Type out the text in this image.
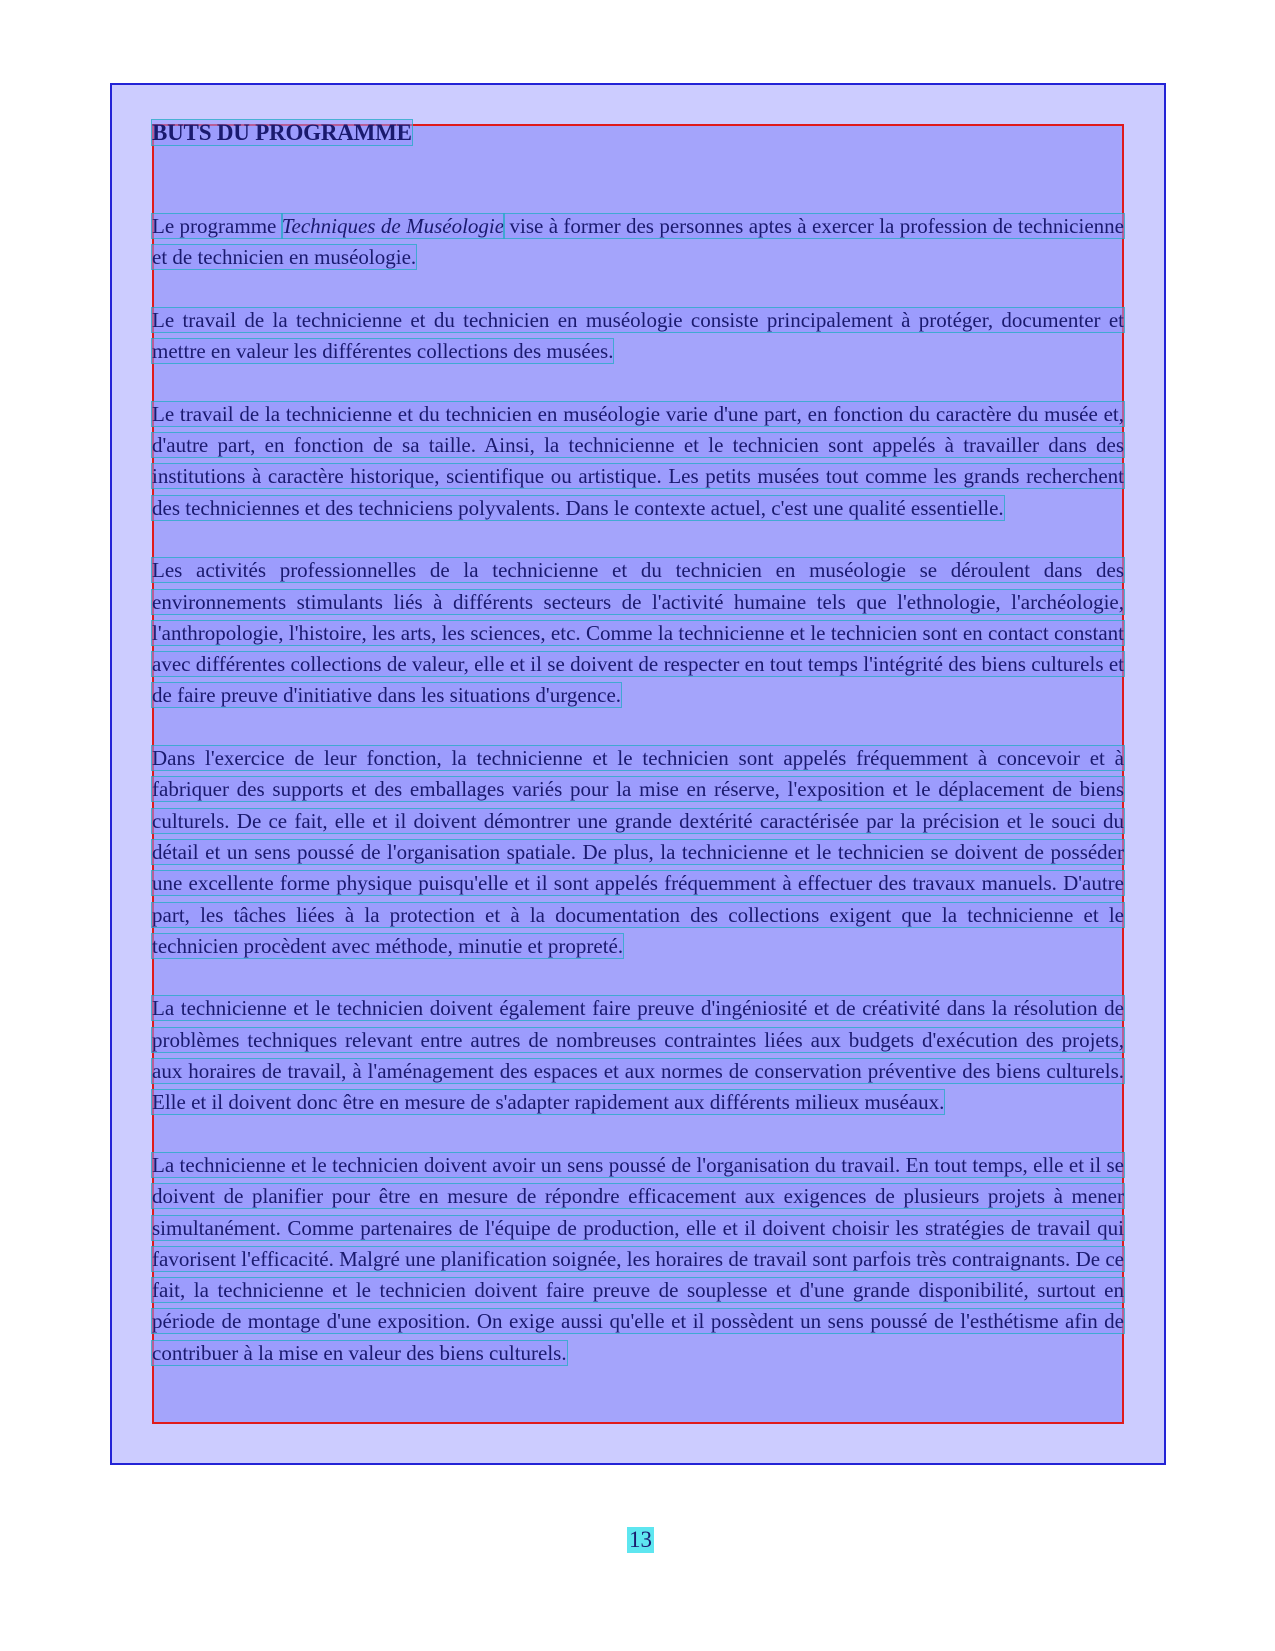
BUTS DU PROGRAMME

Le programme Techniques de Muséologie vise à former des personnes aptes à exercer la profession de technicienne et de technicien en muséologie.

Le travail de la technicienne et du technicien en muséologie consiste principalement à protéger, documenter et mettre en valeur les différentes collections des musées.

Le travail de la technicienne et du technicien en muséologie varie d'une part, en fonction du caractère du musée et, d'autre part, en fonction de sa taille. Ainsi, la technicienne et le technicien sont appelés à travailler dans des institutions à caractère historique, scientifique ou artistique. Les petits musées tout comme les grands recherchent des techniciennes et des techniciens polyvalents. Dans le contexte actuel, c'est une qualité essentielle.

Les activités professionnelles de la technicienne et du technicien en muséologie se déroulent dans des environnements stimulants liés à différents secteurs de l'activité humaine tels que l'ethnologie, l'archéologie, l'anthropologie, l'histoire, les arts, les sciences, etc. Comme la technicienne et le technicien sont en contact constant avec différentes collections de valeur, elle et il se doivent de respecter en tout temps l'intégrité des biens culturels et de faire preuve d'initiative dans les situations d'urgence.

Dans l'exercice de leur fonction, la technicienne et le technicien sont appelés fréquemment à concevoir et à fabriquer des supports et des emballages variés pour la mise en réserve, l'exposition et le déplacement de biens culturels. De ce fait, elle et il doivent démontrer une grande dextérité caractérisée par la précision et le souci du détail et un sens poussé de l'organisation spatiale. De plus, la technicienne et le technicien se doivent de posséder une excellente forme physique puisqu'elle et il sont appelés fréquemment à effectuer des travaux manuels. D'autre part, les tâches liées à la protection et à la documentation des collections exigent que la technicienne et le technicien procèdent avec méthode, minutie et propreté.

La technicienne et le technicien doivent également faire preuve d'ingéniosité et de créativité dans la résolution de problèmes techniques relevant entre autres de nombreuses contraintes liées aux budgets d'exécution des projets, aux horaires de travail, à l'aménagement des espaces et aux normes de conservation préventive des biens culturels. Elle et il doivent donc être en mesure de s'adapter rapidement aux différents milieux muséaux.

La technicienne et le technicien doivent avoir un sens poussé de l'organisation du travail. En tout temps, elle et il se doivent de planifier pour être en mesure de répondre efficacement aux exigences de plusieurs projets à mener simultanément. Comme partenaires de l'équipe de production, elle et il doivent choisir les stratégies de travail qui favorisent l'efficacité. Malgré une planification soignée, les horaires de travail sont parfois très contraignants. De ce fait, la technicienne et le technicien doivent faire preuve de souplesse et d'une grande disponibilité, surtout en période de montage d'une exposition. On exige aussi qu'elle et il possèdent un sens poussé de l'esthétisme afin de contribuer à la mise en valeur des biens culturels.

13
